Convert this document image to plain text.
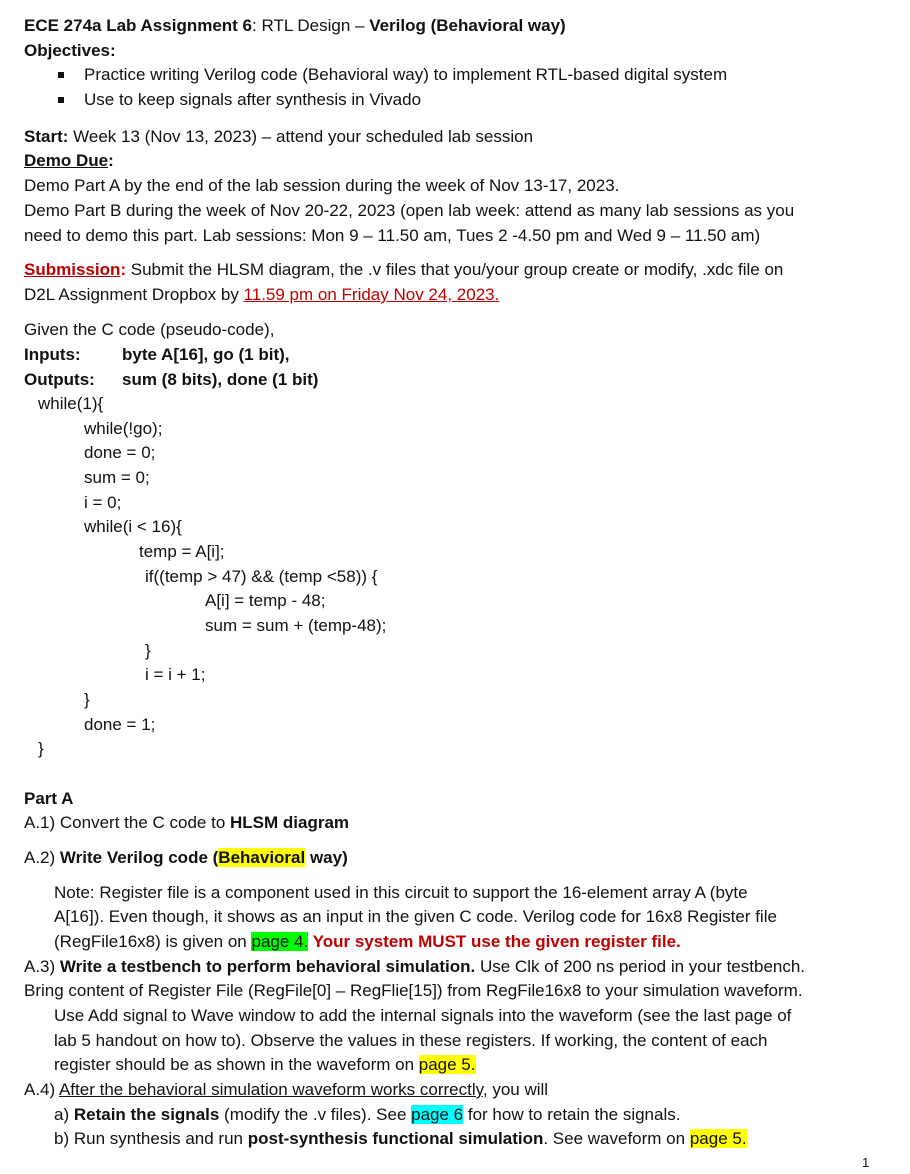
ECE 274a Lab Assignment 6: RTL Design – Verilog (Behavioral way)
Objectives:
Practice writing Verilog code (Behavioral way) to implement RTL-based digital system
Use to keep signals after synthesis in Vivado
Start: Week 13 (Nov 13, 2023) – attend your scheduled lab session
Demo Due:
Demo Part A by the end of the lab session during the week of Nov 13-17, 2023.
Demo Part B during the week of Nov 20-22, 2023 (open lab week: attend as many lab sessions as you
need to demo this part. Lab sessions: Mon 9 – 11.50 am, Tues 2 -4.50 pm and Wed 9 – 11.50 am)
Submission: Submit the HLSM diagram, the .v files that you/your group create or modify, .xdc file on
D2L Assignment Dropbox by 11.59 pm on Friday Nov 24, 2023.
Given the C code (pseudo-code),
Inputs: byte A[16], go (1 bit),
Outputs: sum (8 bits), done (1 bit)
while(1){
while(!go);
done = 0;
sum = 0;
i = 0;
while(i < 16){
temp = A[i];
if((temp > 47) && (temp <58)) {
A[i] = temp - 48;
sum = sum + (temp-48);
}
i = i + 1;
}
done = 1;
}
Part A
A.1) Convert the C code to HLSM diagram
A.2) Write Verilog code (Behavioral way)
Note: Register file is a component used in this circuit to support the 16-element array A (byte
A[16]). Even though, it shows as an input in the given C code. Verilog code for 16x8 Register file
(RegFile16x8) is given on page 4. Your system MUST use the given register file.
A.3) Write a testbench to perform behavioral simulation. Use Clk of 200 ns period in your testbench.
Bring content of Register File (RegFile[0] – RegFlie[15]) from RegFile16x8 to your simulation waveform.
Use Add signal to Wave window to add the internal signals into the waveform (see the last page of
lab 5 handout on how to). Observe the values in these registers. If working, the content of each
register should be as shown in the waveform on page 5.
A.4) After the behavioral simulation waveform works correctly, you will
a) Retain the signals (modify the .v files). See page 6 for how to retain the signals.
b) Run synthesis and run post-synthesis functional simulation. See waveform on page 5.
1
